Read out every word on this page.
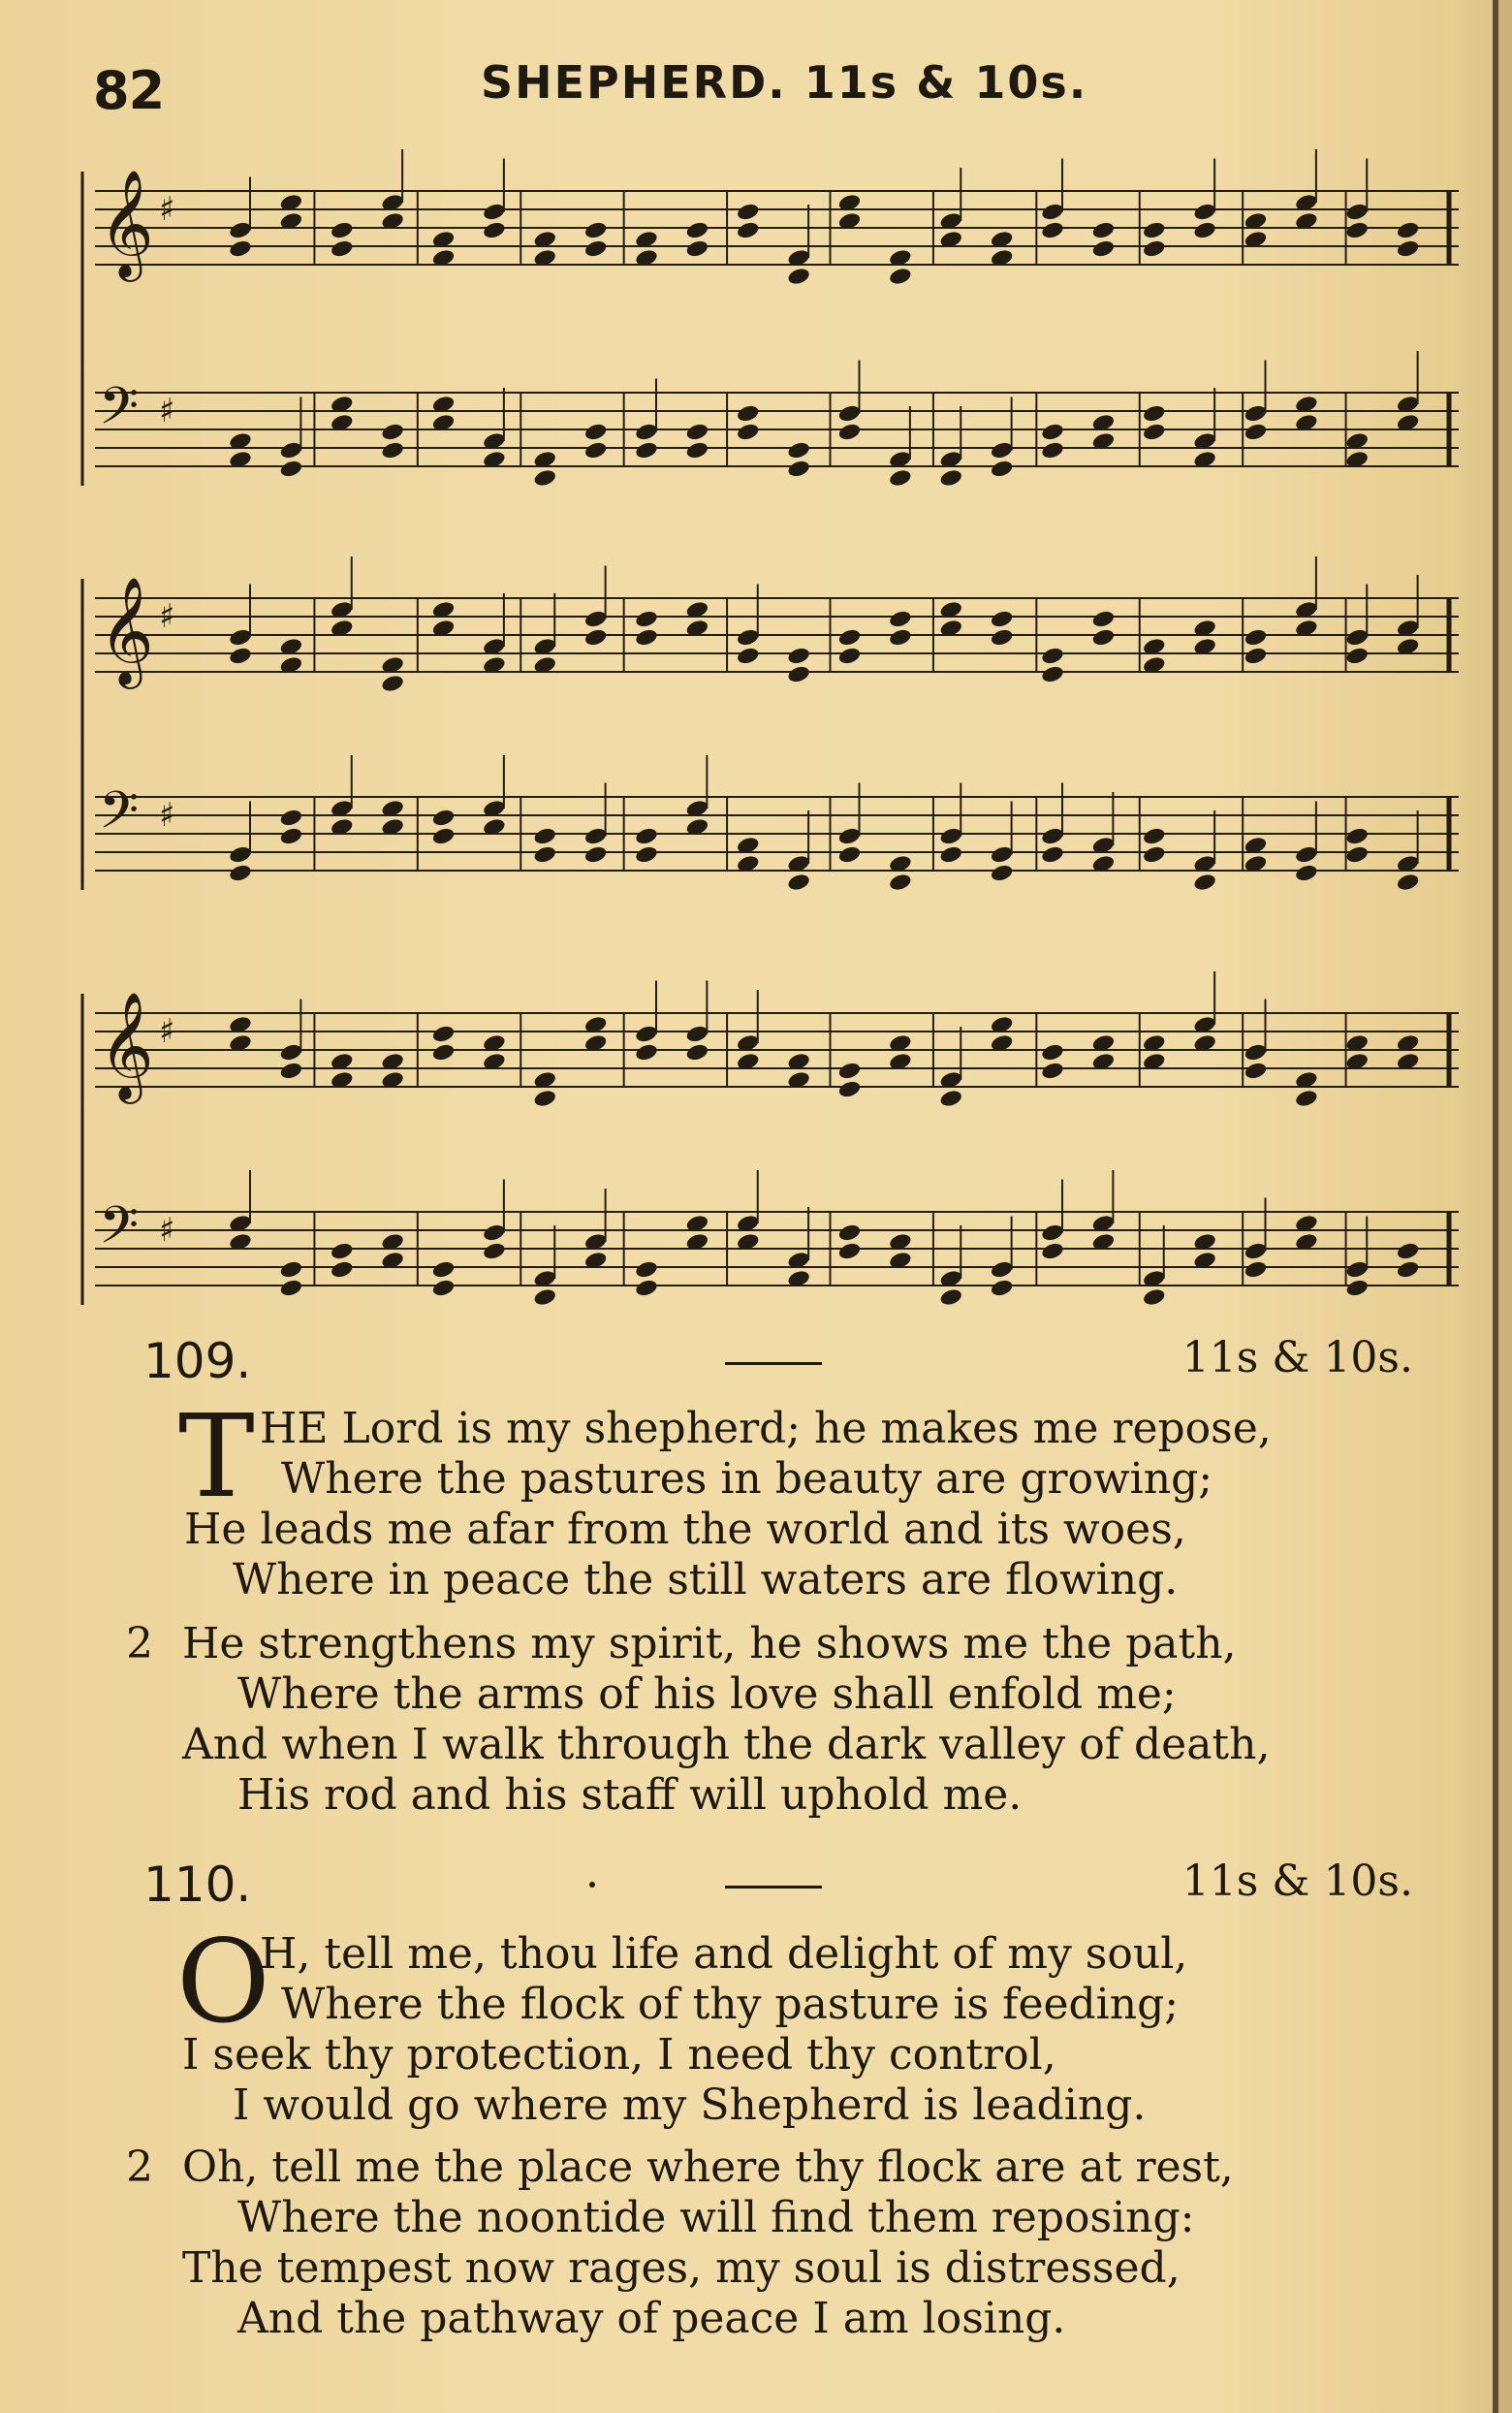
82	SHEPHERD. 11s & 10s.
𝄞 ♯
𝄢 ♯
𝄞 ♯
𝄢 ♯
𝄞 ♯
𝄢 ♯
109.	11s & 10s.
T HE Lord is my shepherd; he makes me repose,
Where the pastures in beauty are growing;
He leads me afar from the world and its woes,
Where in peace the still waters are flowing.
2 He strengthens my spirit, he shows me the path,
Where the arms of his love shall enfold me;
And when I walk through the dark valley of death,
His rod and his staff will uphold me.
110.	11s & 10s.
O
H, tell me, thou life and delight of my soul,
Where the flock of thy pasture is feeding;
I seek thy protection, I need thy control,
I would go where my Shepherd is leading.
2 Oh, tell me the place where thy flock are at rest,
Where the noontide will find them reposing:
The tempest now rages, my soul is distressed,
And the pathway of peace I am losing.
